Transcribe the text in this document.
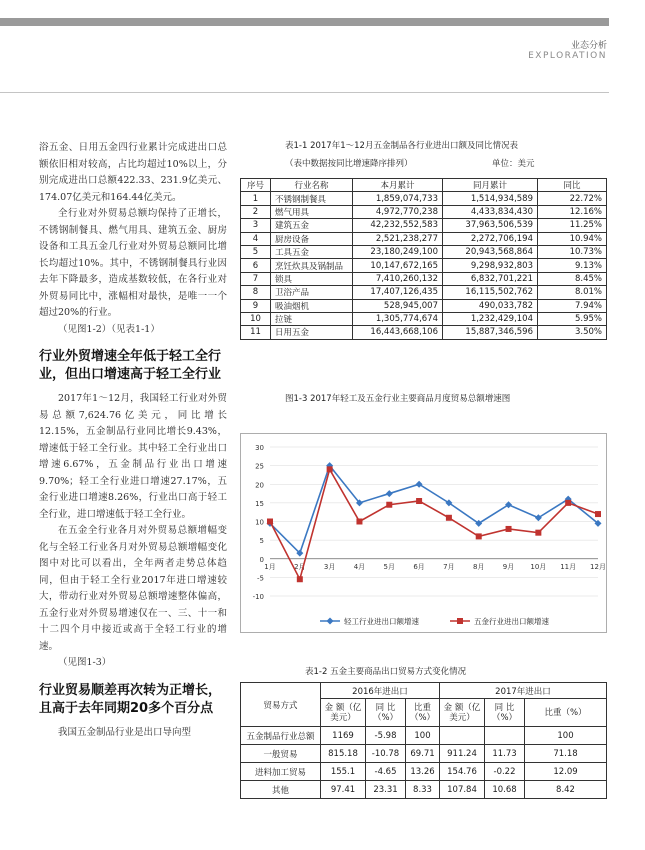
业态分析
EXPLORATION

浴五金、日用五金四行业累计完成进出口总额依旧相对较高，占比均超过10%以上，分别完成进出口总额422.33、231.9亿美元、174.07亿美元和164.44亿美元。

全行业对外贸易总额均保持了正增长，不锈钢制餐具、燃气用具、建筑五金、厨房设备和工具五金几行业对外贸易总额同比增长均超过10%。其中，不锈钢制餐具行业因去年下降最多，造成基数较低，在各行业对外贸易同比中，涨幅相对最快，是唯一一个超过20%的行业。

（见图1-2）（见表1-1）

行业外贸增速全年低于轻工全行业，但出口增速高于轻工全行业

2017年1～12月，我国轻工行业对外贸易总额7,624.76亿美元，同比增长12.15%，五金制品行业同比增长9.43%，增速低于轻工全行业。其中轻工全行业出口增速6.67%，五金制品行业出口增速9.70%；轻工全行业进口增速27.17%，五金行业进口增速8.26%，行业出口高于轻工全行业，进口增速低于轻工全行业。

在五金全行业各月对外贸易总额增幅变化与全轻工行业各月对外贸易总额增幅变化图中对比可以看出，全年两者走势总体趋同，但由于轻工全行业2017年进口增速较大，带动行业对外贸易总额增速整体偏高，五金行业对外贸易增速仅在一、三、十一和十二四个月中接近或高于全轻工行业的增速。

（见图1-3）

行业贸易顺差再次转为正增长，且高于去年同期20多个百分点

我国五金制品行业是出口导向型

表1-1 2017年1～12月五金制品各行业进出口额及同比情况表
（表中数据按同比增速降序排列）	单位：美元
序号	行业名称	本月累计	同月累计	同比
1	不锈钢制餐具	1,859,074,733	1,514,934,589	22.72%
2	燃气用具	4,972,770,238	4,433,834,430	12.16%
3	建筑五金	42,232,552,583	37,963,506,539	11.25%
4	厨房设备	2,521,238,277	2,272,706,194	10.94%
5	工具五金	23,180,249,100	20,943,568,864	10.73%
6	烹饪炊具及锅制品	10,147,672,165	9,298,932,803	9.13%
7	锁具	7,410,260,132	6,832,701,221	8.45%
8	卫浴产品	17,407,126,435	16,115,502,762	8.01%
9	吸油烟机	528,945,007	490,033,782	7.94%
10	拉链	1,305,774,674	1,232,429,104	5.95%
11	日用五金	16,443,668,106	15,887,346,596	3.50%
图1-3 2017年轻工及五金行业主要商品月度贸易总额增速图
-10
-5
0
5
10
15
20
25
30
1月	2月	3月	4月	5月	6月	7月	8月	9月 10月 11月 12月
轻工行业进出口额增速	五金行业进出口额增速
表1-2 五金主要商品出口贸易方式变化情况
贸易方式	2016年进出口			2017年进出口		
	金 额（亿美元）	同 比（%）	比重（%）	金 额（亿美元）	同 比（%）	比重（%）
五金制品行业总额	1169	-5.98	100			100
一般贸易	815.18	-10.78	69.71	911.24	11.73	71.18
进料加工贸易	155.1	-4.65	13.26	154.76	-0.22	12.09
其他	97.41	23.31	8.33	107.84	10.68	8.42
